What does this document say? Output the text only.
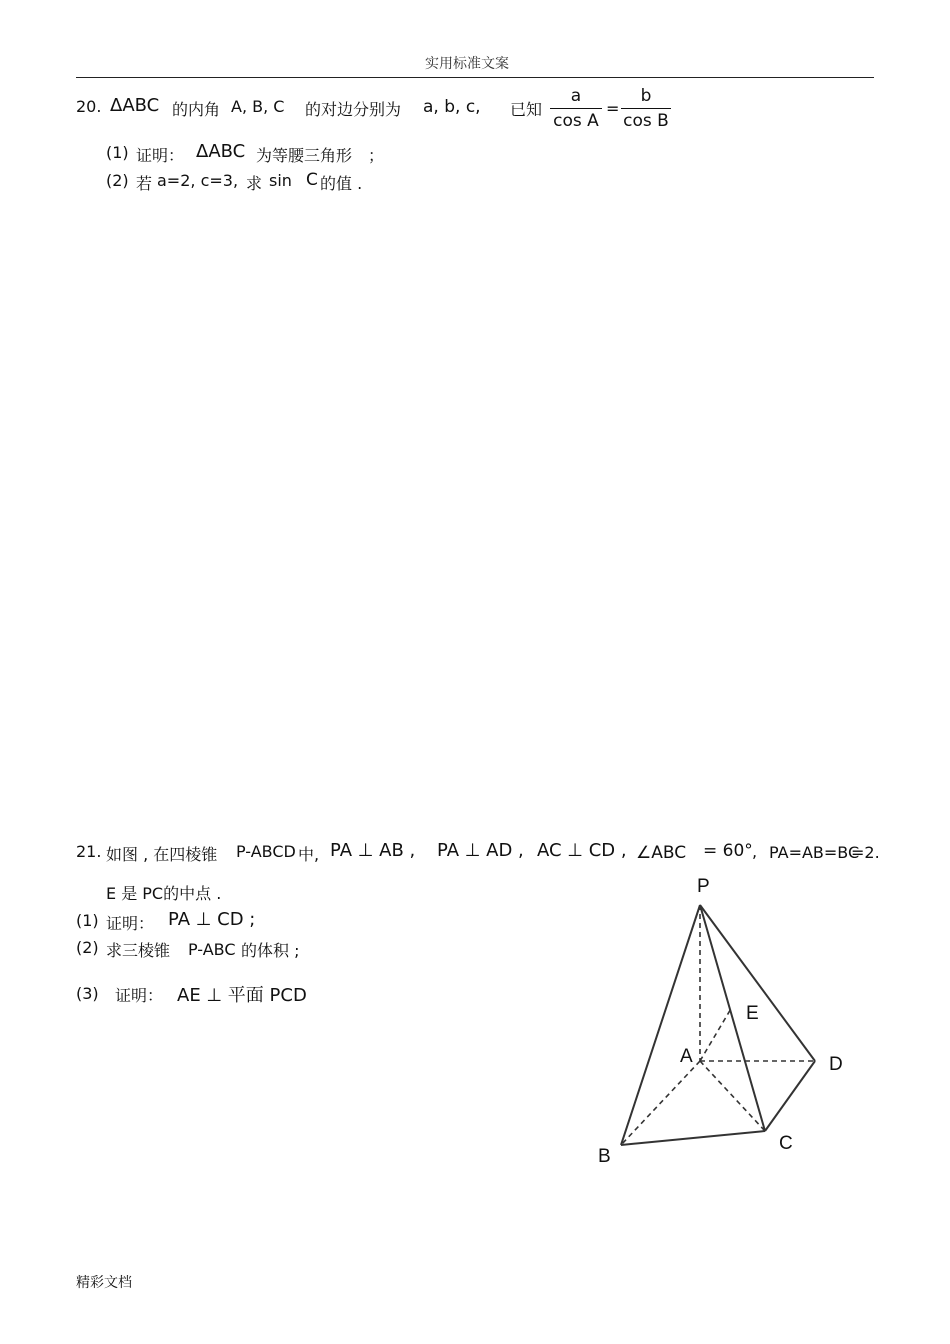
实用标准文案
20. ΔABC 的内角 A, B, C 的对边分别为 a, b, c, 已知
a
cos A
=
b
cos B
(1) 证明： ΔABC 为等腰三角形 ；
(2) 若 a=2, c=3, 求 sin C 的值 .
21. 如图 , 在四棱锥 P-ABCD 中, PA ⊥ AB , PA ⊥ AD , AC ⊥ CD , ∠ABC = 60° , PA=AB=BC
=2.
E 是 PC的中点 .
(1) 证明： PA ⊥ CD ;
(2) 求三棱锥 P-ABC 的体积 ;
(3) 证明： AE ⊥ 平面 PCD
P
E
A	D
B
C
精彩文档
